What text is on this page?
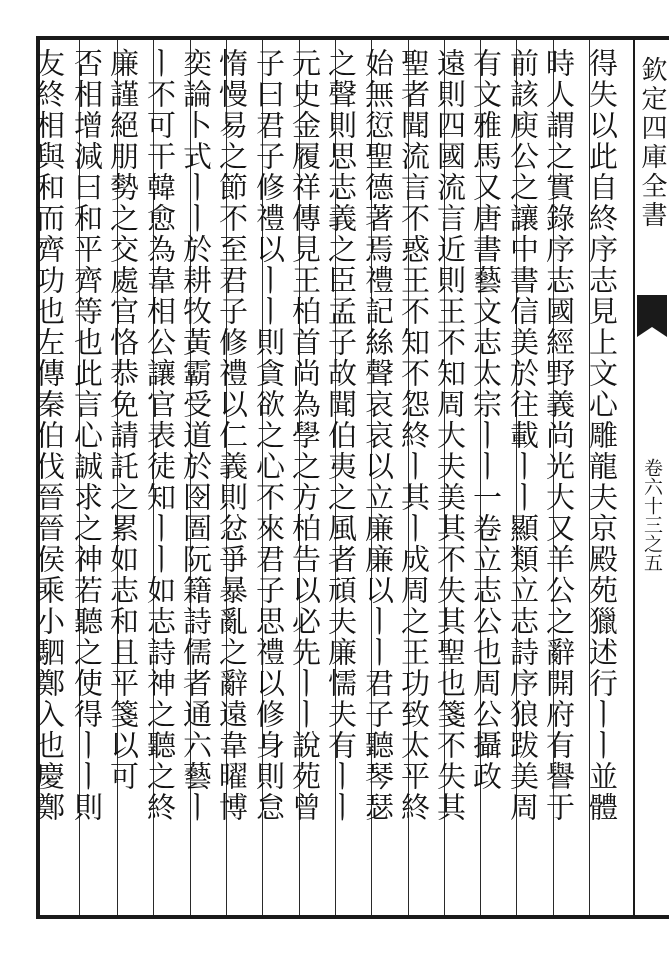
欽定四庫全書
卷六十三之五
得失以此自終序志見上文心雕龍夫京殿苑獵述行ㅣㅣ並體
時人謂之實錄序志國經野義尚光大又羊公之辭開府有譽于
前該庾公之讓中書信美於往載ㅣㅣ顯類立志詩序狼跋美周
有文雅馬又唐書藝文志太宗ㅣㅣ一卷立志公也周公攝政
遠則四國流言近則王不知周大夫美其不失其聖也箋不失其
聖者聞流言不惑王不知不怨終ㅣ其ㅣ成周之王功致太平終
始無愆聖德著焉禮記絲聲哀哀以立廉廉以ㅣㅣ君子聽琴瑟
之聲則思志義之臣孟子故聞伯夷之風者頑夫廉懦夫有ㅣㅣ
元史金履祥傳見王柏首尚為學之方柏告以必先ㅣㅣ說苑曾
子曰君子修禮以ㅣㅣ則貪欲之心不來君子思禮以修身則怠
惰慢易之節不至君子修禮以仁義則忿爭暴亂之辭遠韋曜博
奕論卜式ㅣㅣ於耕牧黃霸受道於囹圄阮籍詩儒者通六藝ㅣ
ㅣ不可干韓愈為韋相公讓官表徒知ㅣㅣ如志詩神之聽之終
廉謹絕朋勢之交處官恪恭免請託之累如志和且平箋以可
否相增減曰和平齊等也此言心誠求之神若聽之使得ㅣㅣ則
友終相與和而齊功也左傳秦伯伐晉晉侯乘小駟鄭入也慶鄭
